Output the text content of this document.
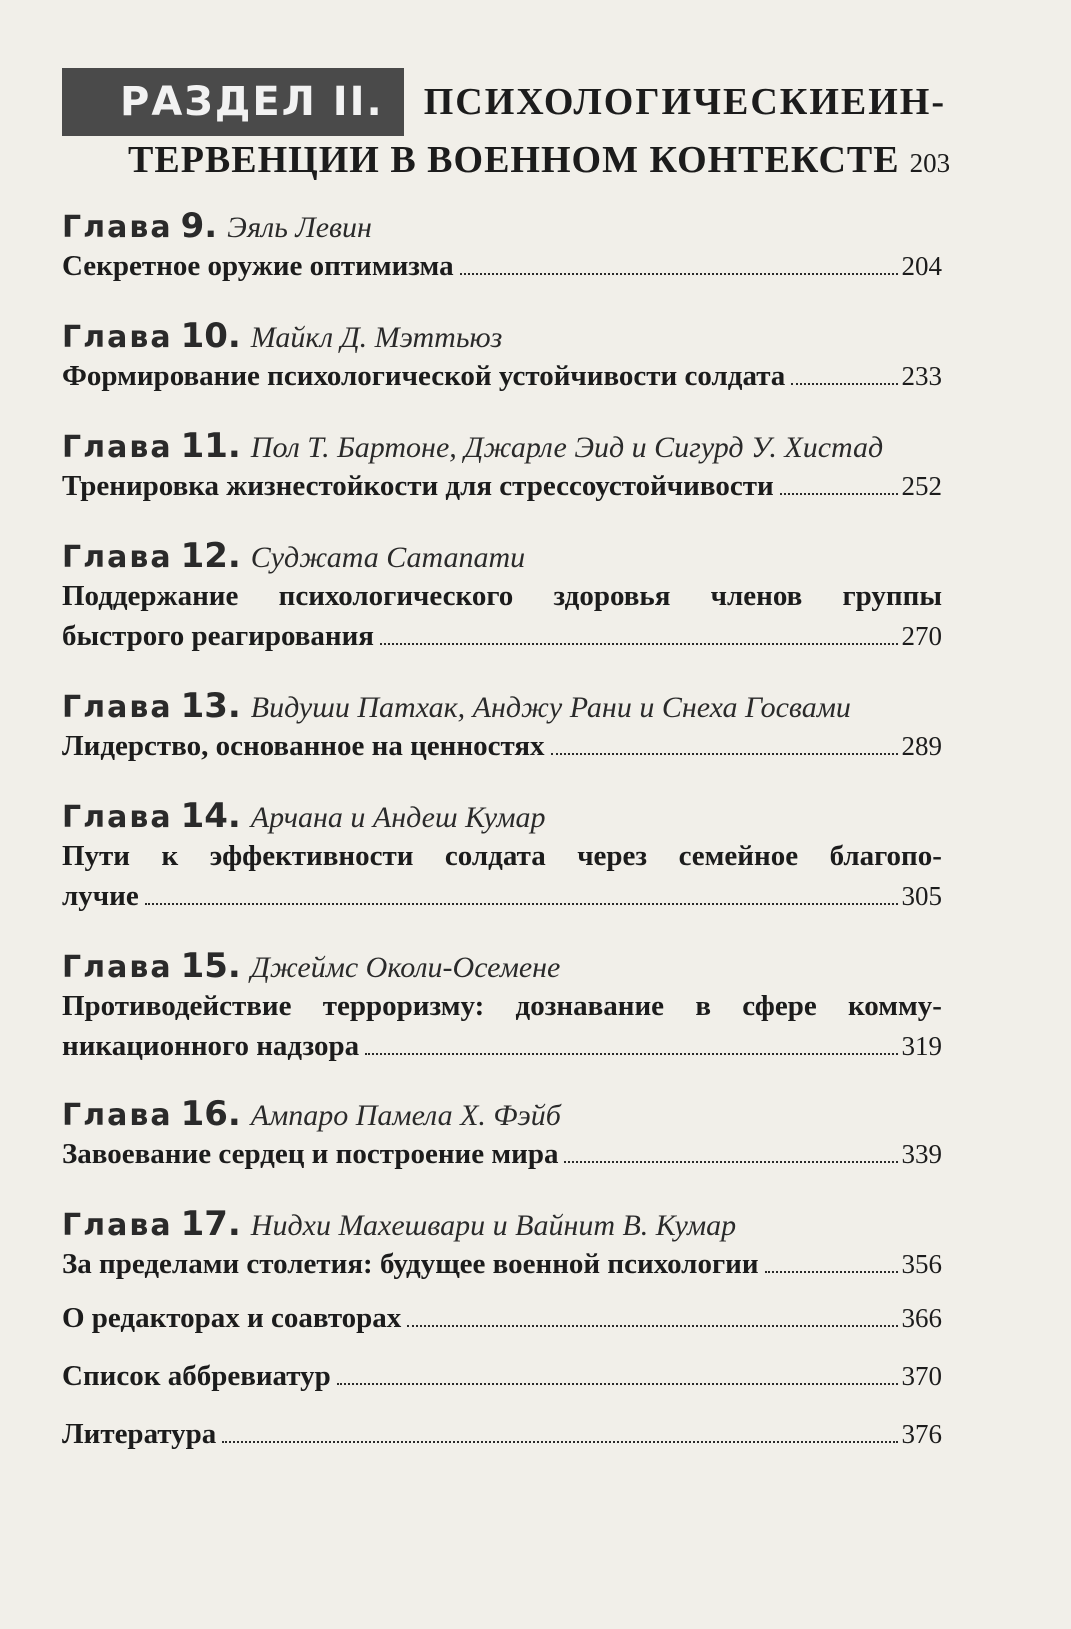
РАЗДЕЛ II.	ПСИХОЛОГИЧЕСКИЕ ИН-
ТЕРВЕНЦИИ В ВОЕННОМ КОНТЕКСТЕ 203
Глава 9. Эяль Левин
Секретное оружие оптимизма	204
Глава 10. Майкл Д. Мэттьюз
Формирование психологической устойчивости солдата	233
Глава 11. Пол Т. Бартоне, Джарле Эид и Сигурд У. Хистад
Тренировка жизнестойкости для стрессоустойчивости	252
Глава 12. Суджата Сатапати
Поддержание психологического здоровья членов группы
быстрого реагирования	270
Глава 13. Видуши Патхак, Анджу Рани и Снеха Госвами
Лидерство, основанное на ценностях	289
Глава 14. Арчана и Андеш Кумар
Пути к эффективности солдата через семейное благопо-
лучие	305
Глава 15. Джеймс Околи-Осемене
Противодействие терроризму: дознавание в сфере комму-
никационного надзора	319
Глава 16. Ампаро Памела Х. Фэйб
Завоевание сердец и построение мира	339
Глава 17. Нидхи Махешвари и Вайнит В. Кумар
За пределами столетия: будущее военной психологии	356
О редакторах и соавторах	366
Список аббревиатур	370
Литература	376
